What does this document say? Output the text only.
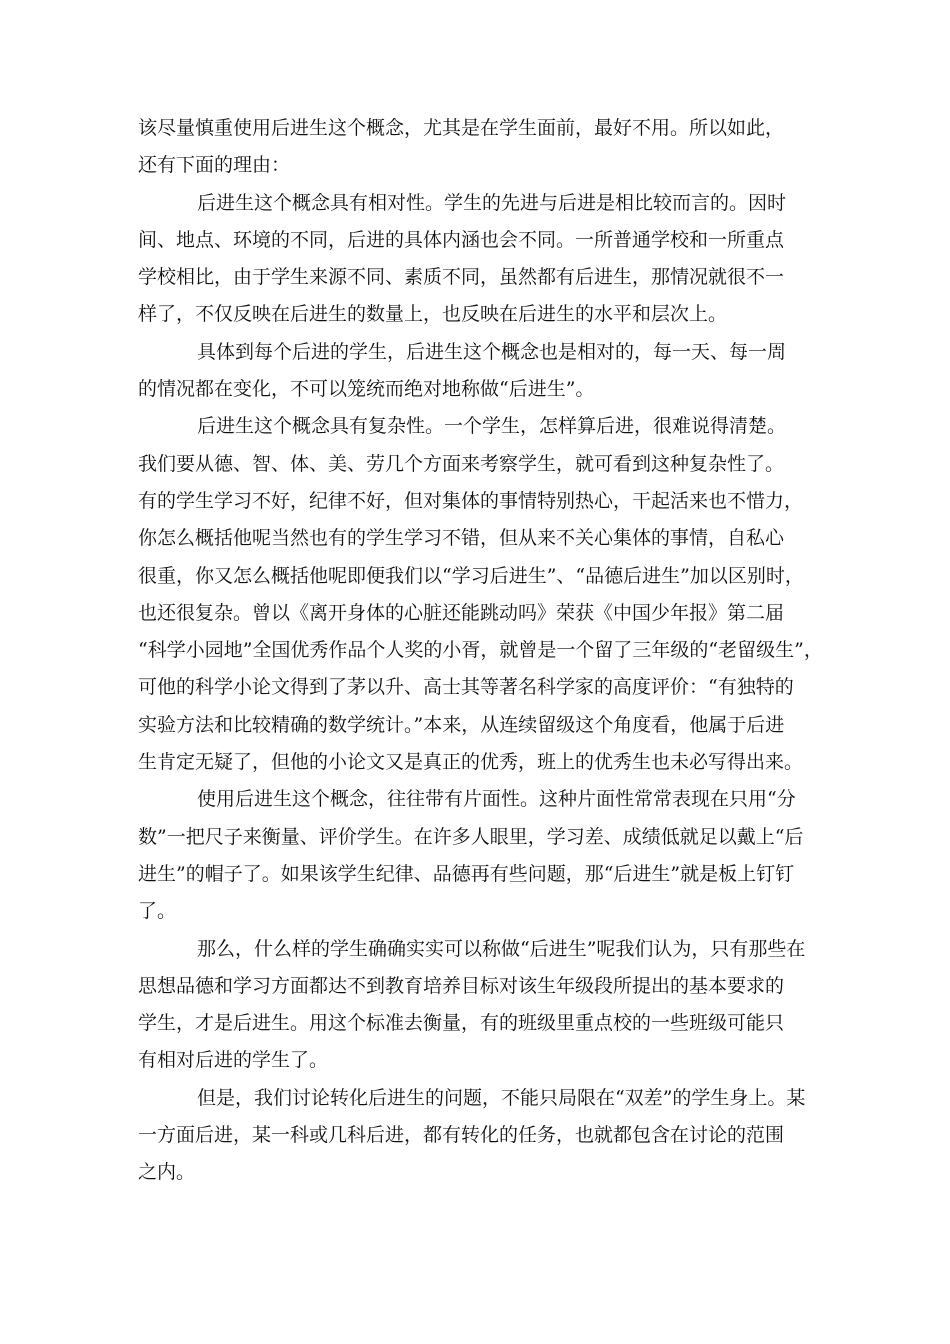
该尽量慎重使用后进生这个概念，尤其是在学生面前，最好不用。所以如此，
还有下面的理由：
后进生这个概念具有相对性。学生的先进与后进是相比较而言的。因时
间、地点、环境的不同，后进的具体内涵也会不同。一所普通学校和一所重点
学校相比，由于学生来源不同、素质不同，虽然都有后进生，那情况就很不一
样了，不仅反映在后进生的数量上，也反映在后进生的水平和层次上。
具体到每个后进的学生，后进生这个概念也是相对的，每一天、每一周
的情况都在变化，不可以笼统而绝对地称做“后进生”。
后进生这个概念具有复杂性。一个学生，怎样算后进，很难说得清楚。
我们要从德、智、体、美、劳几个方面来考察学生，就可看到这种复杂性了。
有的学生学习不好，纪律不好，但对集体的事情特别热心，干起活来也不惜力，
你怎么概括他呢当然也有的学生学习不错，但从来不关心集体的事情，自私心
很重，你又怎么概括他呢即便我们以“学习后进生”、“品德后进生”加以区别时，
也还很复杂。曾以《离开身体的心脏还能跳动吗》荣获《中国少年报》第二届
“科学小园地”全国优秀作品个人奖的小胥，就曾是一个留了三年级的“老留级生”，
可他的科学小论文得到了茅以升、高士其等著名科学家的高度评价：“有独特的
实验方法和比较精确的数学统计。”本来，从连续留级这个角度看，他属于后进
生肯定无疑了，但他的小论文又是真正的优秀，班上的优秀生也未必写得出来。
使用后进生这个概念，往往带有片面性。这种片面性常常表现在只用“分
数”一把尺子来衡量、评价学生。在许多人眼里，学习差、成绩低就足以戴上“后
进生”的帽子了。如果该学生纪律、品德再有些问题，那“后进生”就是板上钉钉
了。
那么，什么样的学生确确实实可以称做“后进生”呢我们认为，只有那些在
思想品德和学习方面都达不到教育培养目标对该生年级段所提出的基本要求的
学生，才是后进生。用这个标准去衡量，有的班级里重点校的一些班级可能只
有相对后进的学生了。
但是，我们讨论转化后进生的问题，不能只局限在“双差”的学生身上。某
一方面后进，某一科或几科后进，都有转化的任务，也就都包含在讨论的范围
之内。
